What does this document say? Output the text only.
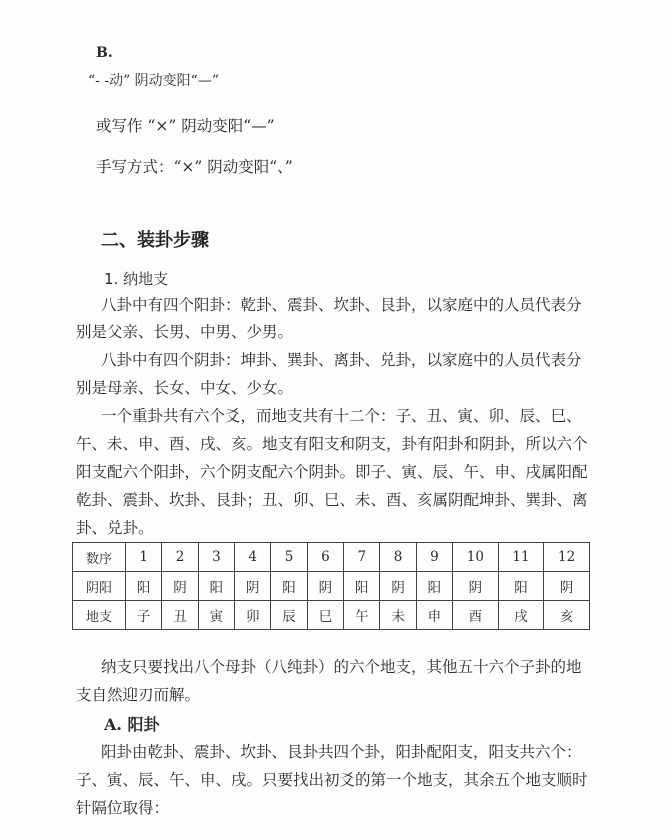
B.
“- -动” 阴动变阳“—”
或写作 “×” 阴动变阳“—”
手写方式：“×” 阴动变阳“、”
二、装卦步骤
1. 纳地支
八卦中有四个阳卦：乾卦、震卦、坎卦、艮卦，以家庭中的人员代表分
别是父亲、长男、中男、少男。
八卦中有四个阴卦：坤卦、巽卦、离卦、兑卦，以家庭中的人员代表分
别是母亲、长女、中女、少女。
一个重卦共有六个爻，而地支共有十二个：子、丑、寅、卯、辰、巳、
午、未、申、酉、戌、亥。地支有阳支和阴支，卦有阳卦和阴卦，所以六个
阳支配六个阳卦，六个阴支配六个阴卦。即子、寅、辰、午、申、戌属阳配
乾卦、震卦、坎卦、艮卦；丑、卯、巳、未、酉、亥属阴配坤卦、巽卦、离
卦、兑卦。
数序	1	2	3	4	5	6	7	8	9	10	11	12
阴阳	阳	阴	阳	阴	阳	阴	阳	阴	阳	阴	阳	阴
地支	子	丑	寅	卯	辰	巳	午	未	申	酉	戌	亥
纳支只要找出八个母卦（八纯卦）的六个地支，其他五十六个子卦的地
支自然迎刃而解。
A. 阳卦
阳卦由乾卦、震卦、坎卦、艮卦共四个卦，阳卦配阳支，阳支共六个：
子、寅、辰、午、申、戌。只要找出初爻的第一个地支，其余五个地支顺时
针隔位取得：
